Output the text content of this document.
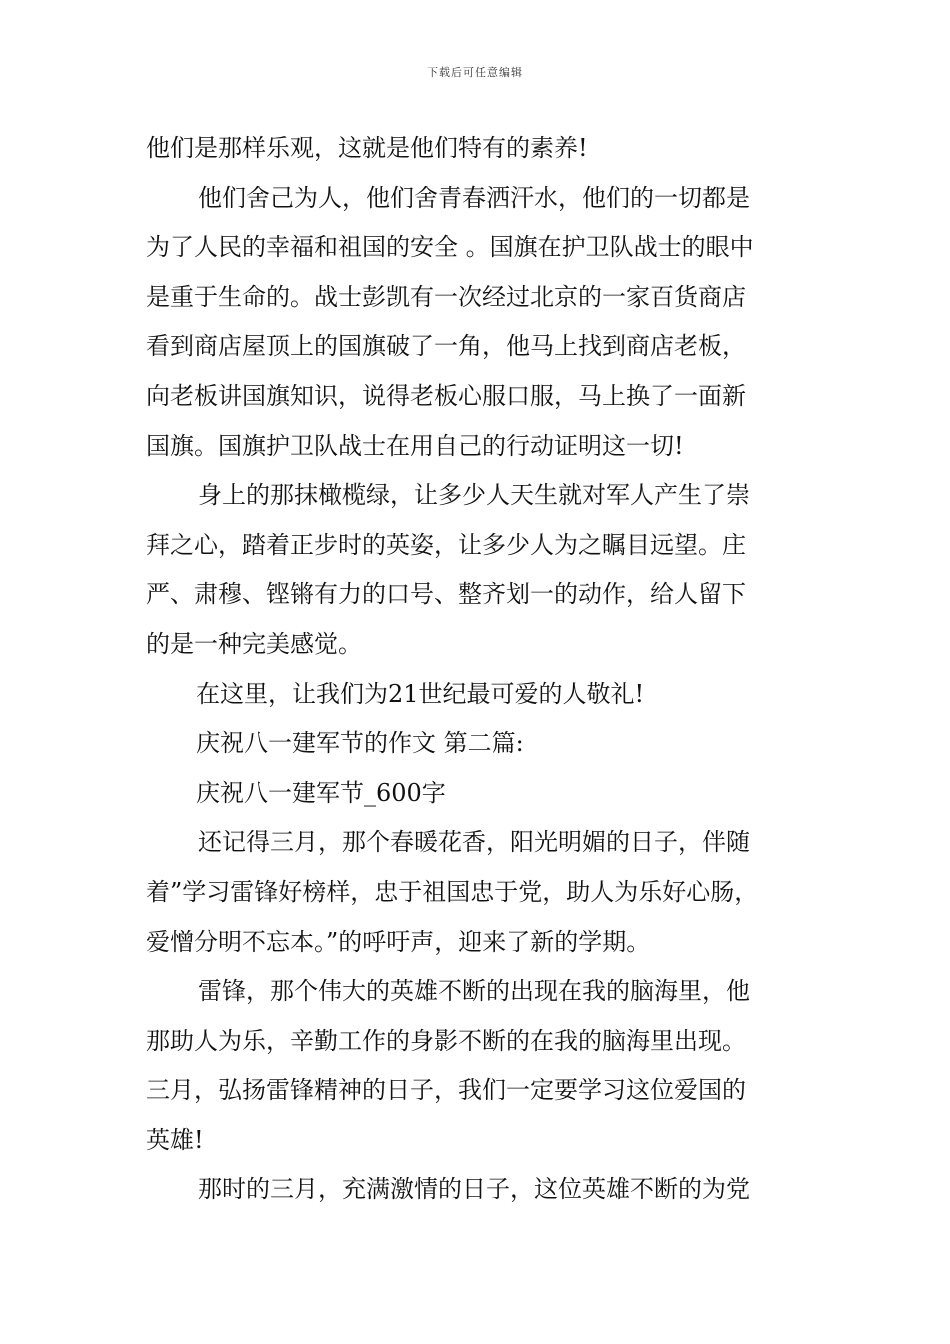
下载后可任意编辑
他们是那样乐观，这就是他们特有的素养!
他们舍己为人，他们舍青春洒汗水，他们的一切都是
为了人民的幸福和祖国的安全 。国旗在护卫队战士的眼中
是重于生命的。战士彭凯有一次经过北京的一家百货商店
看到商店屋顶上的国旗破了一角，他马上找到商店老板，
向老板讲国旗知识，说得老板心服口服，马上换了一面新
国旗。国旗护卫队战士在用自己的行动证明这一切!
身上的那抹橄榄绿，让多少人天生就对军人产生了崇
拜之心，踏着正步时的英姿，让多少人为之瞩目远望。庄
严、肃穆、铿锵有力的口号、整齐划一的动作，给人留下
的是一种完美感觉。
在这里，让我们为21世纪最可爱的人敬礼!
庆祝八一建军节的作文 第二篇:
庆祝八一建军节_600字
还记得三月，那个春暖花香，阳光明媚的日子，伴随
着”学习雷锋好榜样，忠于祖国忠于党，助人为乐好心肠，
爱憎分明不忘本。”的呼吁声，迎来了新的学期。
雷锋，那个伟大的英雄不断的出现在我的脑海里，他
那助人为乐，辛勤工作的身影不断的在我的脑海里出现。
三月，弘扬雷锋精神的日子，我们一定要学习这位爱国的
英雄!
那时的三月，充满激情的日子，这位英雄不断的为党
